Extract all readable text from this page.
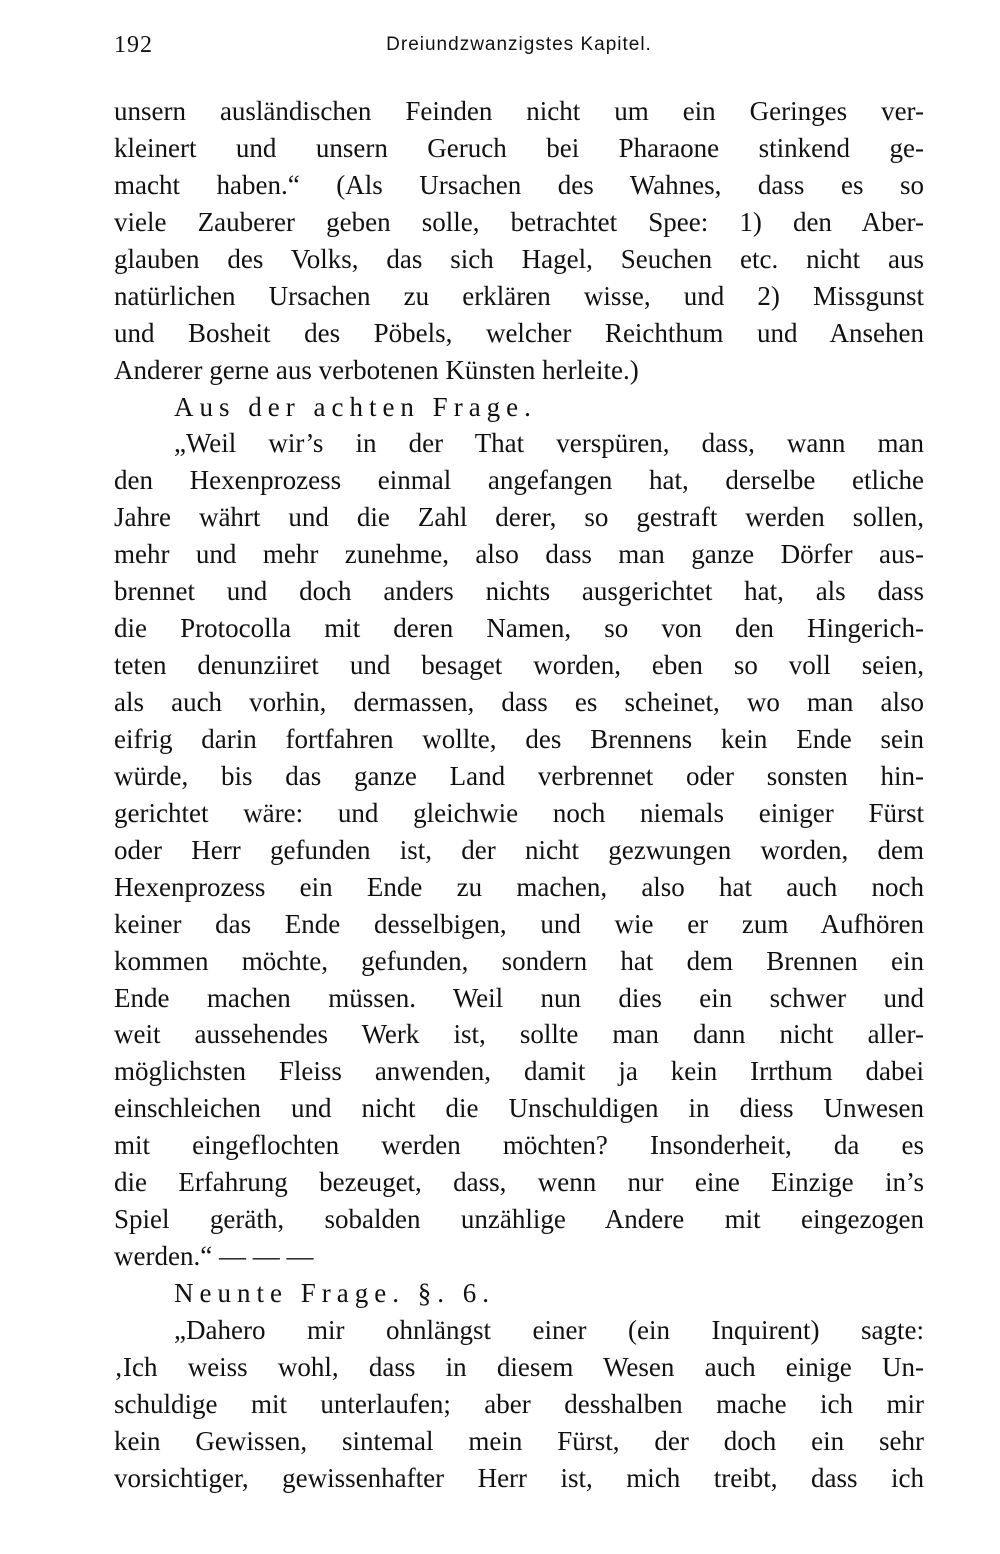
192	Dreiundzwanzigstes Kapitel.
unsern ausländischen Feinden nicht um ein Geringes ver-
kleinert und unsern Geruch bei Pharaone stinkend ge-
macht haben.“ (Als Ursachen des Wahnes, dass es so
viele Zauberer geben solle, betrachtet Spee: 1) den Aber-
glauben des Volks, das sich Hagel, Seuchen etc. nicht aus
natürlichen Ursachen zu erklären wisse, und 2) Missgunst
und Bosheit des Pöbels, welcher Reichthum und Ansehen
Anderer gerne aus verbotenen Künsten herleite.)
Aus der achten Frage.
„Weil wir’s in der That verspüren, dass, wann man
den Hexenprozess einmal angefangen hat, derselbe etliche
Jahre währt und die Zahl derer, so gestraft werden sollen,
mehr und mehr zunehme, also dass man ganze Dörfer aus-
brennet und doch anders nichts ausgerichtet hat, als dass
die Protocolla mit deren Namen, so von den Hingerich-
teten denunziiret und besaget worden, eben so voll seien,
als auch vorhin, dermassen, dass es scheinet, wo man also
eifrig darin fortfahren wollte, des Brennens kein Ende sein
würde, bis das ganze Land verbrennet oder sonsten hin-
gerichtet wäre: und gleichwie noch niemals einiger Fürst
oder Herr gefunden ist, der nicht gezwungen worden, dem
Hexenprozess ein Ende zu machen, also hat auch noch
keiner das Ende desselbigen, und wie er zum Aufhören
kommen möchte, gefunden, sondern hat dem Brennen ein
Ende machen müssen. Weil nun dies ein schwer und
weit aussehendes Werk ist, sollte man dann nicht aller-
möglichsten Fleiss anwenden, damit ja kein Irrthum dabei
einschleichen und nicht die Unschuldigen in diess Unwesen
mit eingeflochten werden möchten? Insonderheit, da es
die Erfahrung bezeuget, dass, wenn nur eine Einzige in’s
Spiel geräth, sobalden unzählige Andere mit eingezogen
werden.“ — — —
Neunte Frage. §. 6.
„Dahero mir ohnlängst einer (ein Inquirent) sagte:
‚Ich weiss wohl, dass in diesem Wesen auch einige Un-
schuldige mit unterlaufen; aber desshalben mache ich mir
kein Gewissen, sintemal mein Fürst, der doch ein sehr
vorsichtiger, gewissenhafter Herr ist, mich treibt, dass ich
